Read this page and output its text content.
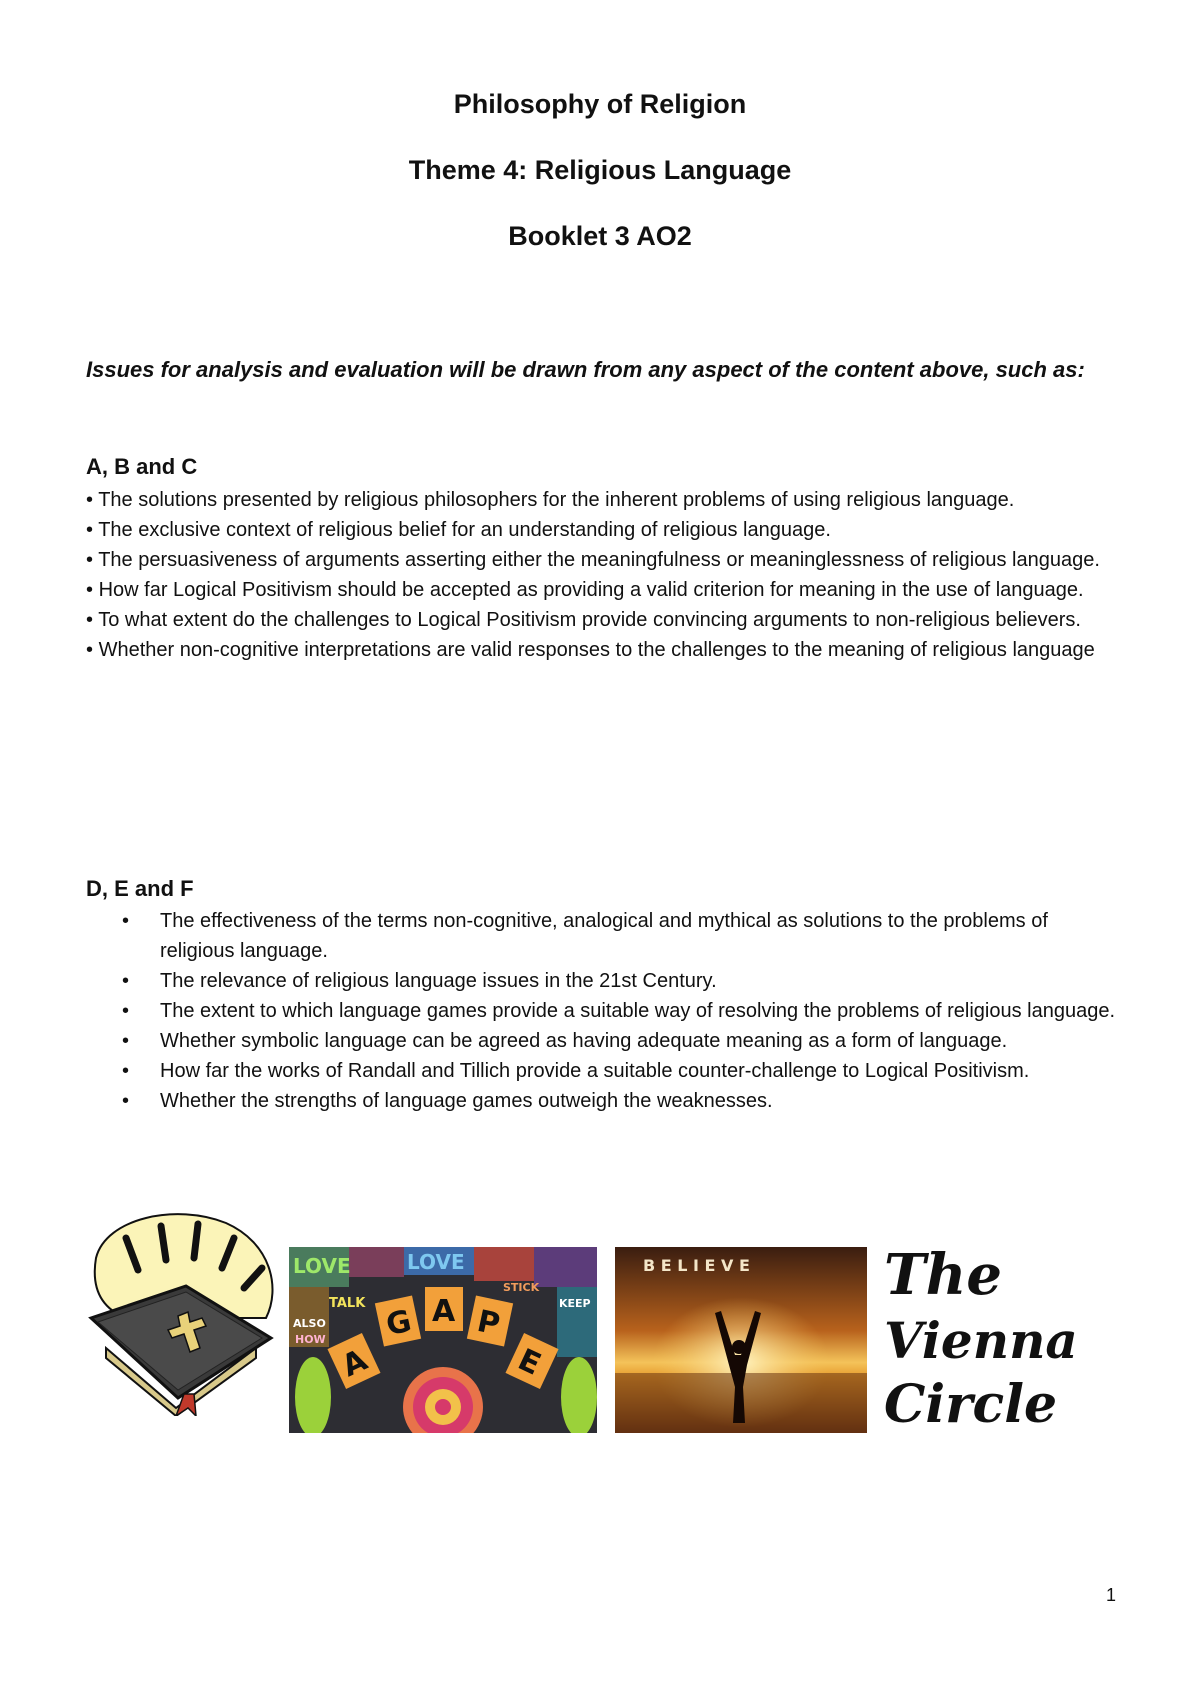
Philosophy of Religion
Theme 4: Religious Language
Booklet 3 AO2

Issues for analysis and evaluation will be drawn from any aspect of the content above, such as:

A, B and C

• The solutions presented by religious philosophers for the inherent problems of using religious language.
• The exclusive context of religious belief for an understanding of religious language.
• The persuasiveness of arguments asserting either the meaningfulness or meaninglessness of religious language.
• How far Logical Positivism should be accepted as providing a valid criterion for meaning in the use of language.
• To what extent do the challenges to Logical Positivism provide convincing arguments to non-religious believers.
• Whether non-cognitive interpretations are valid responses to the challenges to the meaning of religious language

D, E and F

• The effectiveness of the terms non-cognitive, analogical and mythical as solutions to the problems of religious language.
• The relevance of religious language issues in the 21st Century.
• The extent to which language games provide a suitable way of resolving the problems of religious language.
• Whether symbolic language can be agreed as having adequate meaning as a form of language.
• How far the works of Randall and Tillich provide a suitable counter-challenge to Logical Positivism.
• Whether the strengths of language games outweigh the weaknesses.
LOVE
TALK
LOVE
STICK
ALSO
HOW
KEEP
A
G A P
E
B E L I E V E The
Vienna
Circle
1
